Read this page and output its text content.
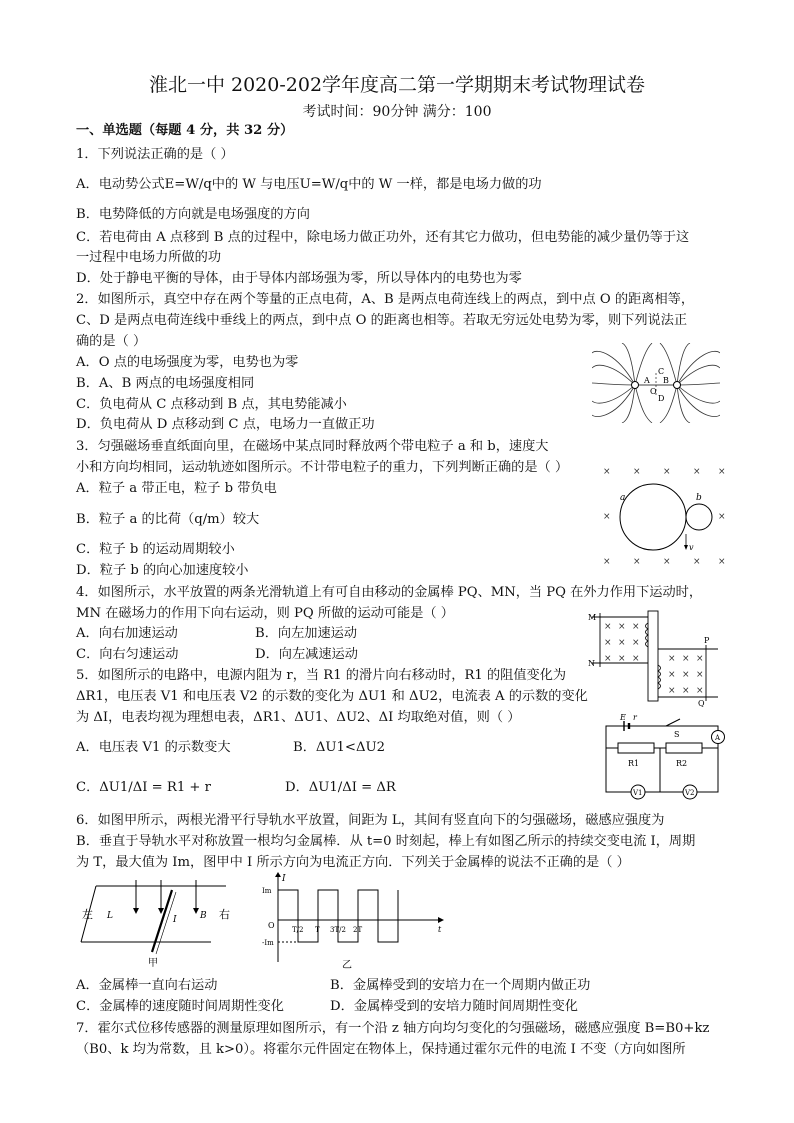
淮北一中 2020-202学年度高二第一学期期末考试物理试卷
考试时间：90分钟 满分：100
一、单选题（每题 4 分，共 32 分）
1．下列说法正确的是（ ）
A．电动势公式E=W/q中的 W 与电压U=W/q中的 W 一样，都是电场力做的功
B．电势降低的方向就是电场强度的方向
C．若电荷由 A 点移到 B 点的过程中，除电场力做正功外，还有其它力做功，但电势能的减少量仍等于这
一过程中电场力所做的功
D．处于静电平衡的导体，由于导体内部场强为零，所以导体内的电势也为零
2．如图所示，真空中存在两个等量的正点电荷，A、B 是两点电荷连线上的两点，到中点 O 的距离相等，
C、D 是两点电荷连线中垂线上的两点，到中点 O 的距离也相等。若取无穷远处电势为零，则下列说法正
确的是（ ）
A．O 点的电场强度为零，电势也为零
B．A、B 两点的电场强度相同
C．负电荷从 C 点移动到 B 点，其电势能减小
D．负电荷从 D 点移动到 C 点，电场力一直做正功
3．匀强磁场垂直纸面向里，在磁场中某点同时释放两个带电粒子 a 和 b，速度大
小和方向均相同，运动轨迹如图所示。不计带电粒子的重力，下列判断正确的是（ ）
A．粒子 a 带正电，粒子 b 带负电
B．粒子 a 的比荷（q/m）较大
C．粒子 b 的运动周期较小
D．粒子 b 的向心加速度较小
4．如图所示，水平放置的两条光滑轨道上有可自由移动的金属棒 PQ、MN，当 PQ 在外力作用下运动时，
MN 在磁场力的作用下向右运动，则 PQ 所做的运动可能是（ ）
A．向右加速运动	B．向左加速运动
C．向右匀速运动	D．向左减速运动
5．如图所示的电路中，电源内阻为 r，当 R1 的滑片向右移动时，R1 的阻值变化为
ΔR1，电压表 V1 和电压表 V2 的示数的变化为 ΔU1 和 ΔU2，电流表 A 的示数的变化
为 ΔI，电表均视为理想电表，ΔR1、ΔU1、ΔU2、ΔI 均取绝对值，则（ ）
A．电压表 V1 的示数变大	B．ΔU1<ΔU2
C．ΔU1/ΔI = R1 + r	D．ΔU1/ΔI = ΔR
6．如图甲所示，两根光滑平行导轨水平放置，间距为 L，其间有竖直向下的匀强磁场，磁感应强度为
B．垂直于导轨水平对称放置一根均匀金属棒．从 t=0 时刻起，棒上有如图乙所示的持续交变电流 I，周期
为 T，最大值为 Im，图甲中 I 所示方向为电流正方向．下列关于金属棒的说法不正确的是（ ）
A．金属棒一直向右运动	B．金属棒受到的安培力在一个周期内做正功
C．金属棒的速度随时间周期性变化	D．金属棒受到的安培力随时间周期性变化
7．霍尔式位移传感器的测量原理如图所示，有一个沿 z 轴方向均匀变化的匀强磁场，磁感应强度 B=B0+kz
（B0、k 均为常数，且 k>0）。将霍尔元件固定在物体上，保持通过霍尔元件的电流 I 不变（方向如图所
A B
O
C
D
× × × × ×
×	×
× × × × ×
a	b
v
× × ×
× × ×
× × ×	× × ×
× × ×
× × ×
M
N
P
Q
E r
S	A
R1	R2
V1	V2
左	右
L	I	B
甲
I
Im
-Im
O T/2 T 3T/2 2T	t
乙
